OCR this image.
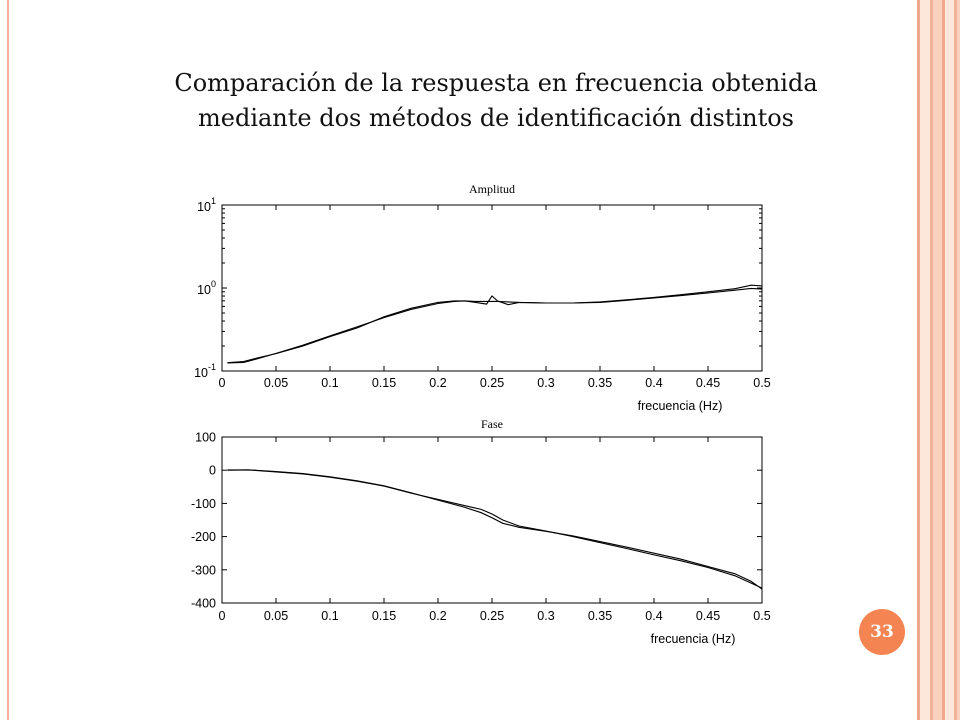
Comparación de la respuesta en frecuencia obtenida
mediante dos métodos de identificación distintos
Amplitud
0	0.05	0.1	0.15	0.2	0.25	0.3	0.35	0.4	0.45	0.5
$10^1$
$10^0$
$10^{-1}$
frecuencia (Hz)
Fase
0	0.05	0.1	0.15	0.2	0.25	0.3	0.35	0.4	0.45	0.5
100
0
-100
-200
-300
-400
frecuencia (Hz)	33
